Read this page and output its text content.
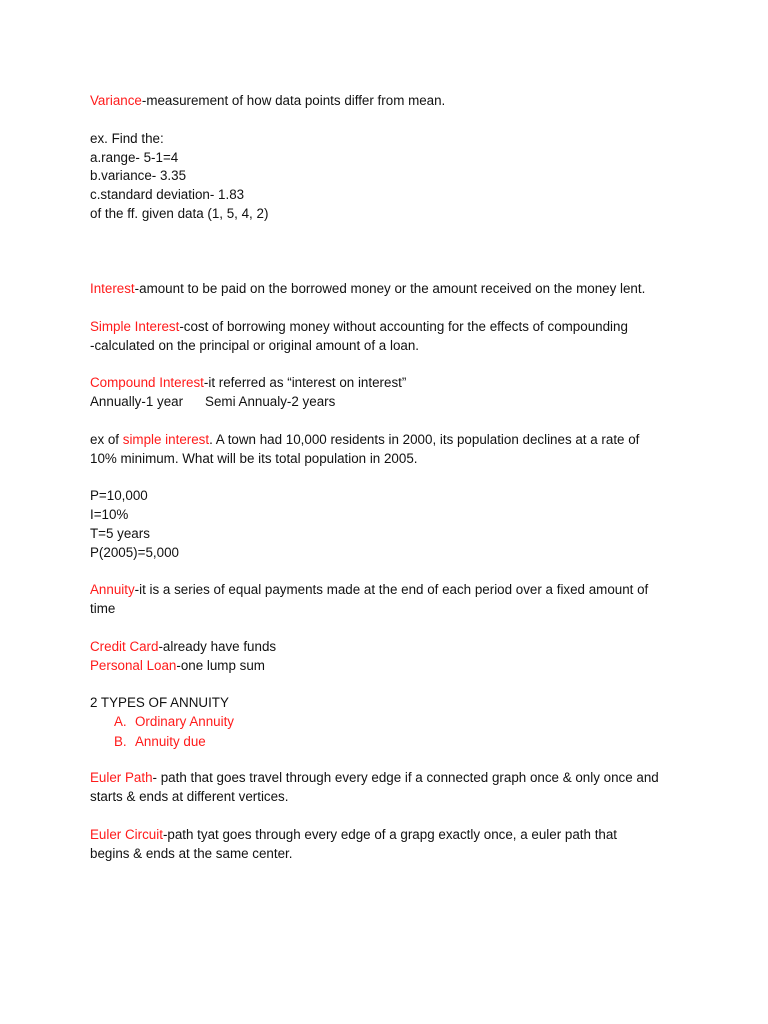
Variance-measurement of how data points differ from mean.
ex. Find the:
a.range- 5-1=4
b.variance- 3.35
c.standard deviation- 1.83
of the ff. given data (1, 5, 4, 2)
Interest-amount to be paid on the borrowed money or the amount received on the money lent.
Simple Interest-cost of borrowing money without accounting for the effects of compounding
-calculated on the principal or original amount of a loan.
Compound Interest-it referred as “interest on interest”
Annually-1 year Semi Annualy-2 years
ex of simple interest. A town had 10,000 residents in 2000, its population declines at a rate of
10% minimum. What will be its total population in 2005.
P=10,000
I=10%
T=5 years
P(2005)=5,000
Annuity-it is a series of equal payments made at the end of each period over a fixed amount of
time
Credit Card-already have funds
Personal Loan-one lump sum
2 TYPES OF ANNUITY
A. Ordinary Annuity
B. Annuity due
Euler Path- path that goes travel through every edge if a connected graph once & only once and
starts & ends at different vertices.
Euler Circuit-path tyat goes through every edge of a grapg exactly once, a euler path that
begins & ends at the same center.
